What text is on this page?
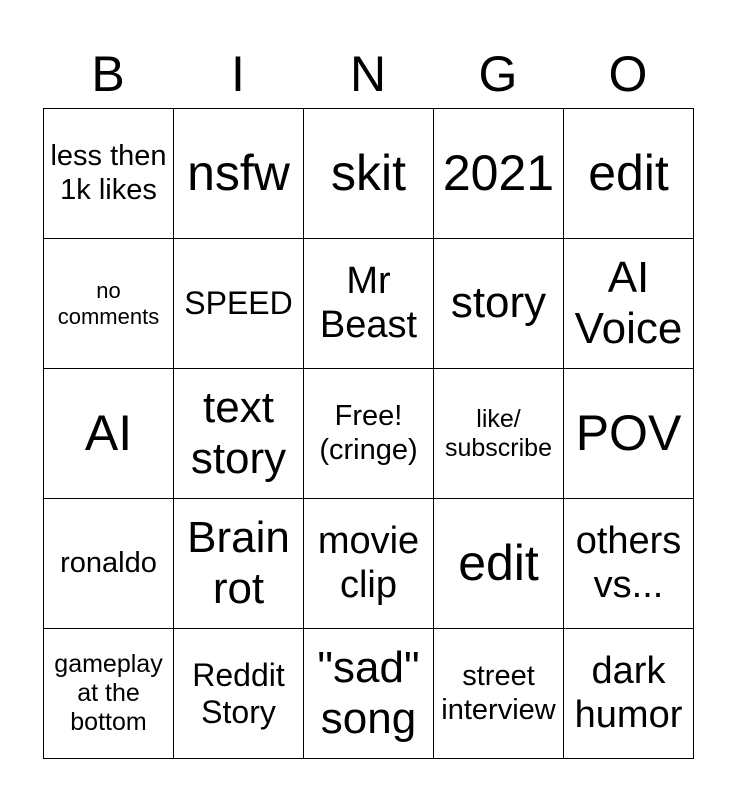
B	I	N	G	O
less then 1k likes	nsfw	skit	2021	edit
no comments	SPEED	Mr Beast	story	AI Voice
AI	text story	Free! (cringe)	like/ subscribe	POV
ronaldo	Brain rot	movie clip	edit	others vs...
gameplay at the bottom	Reddit Story	"sad" song	street interview	dark humor
